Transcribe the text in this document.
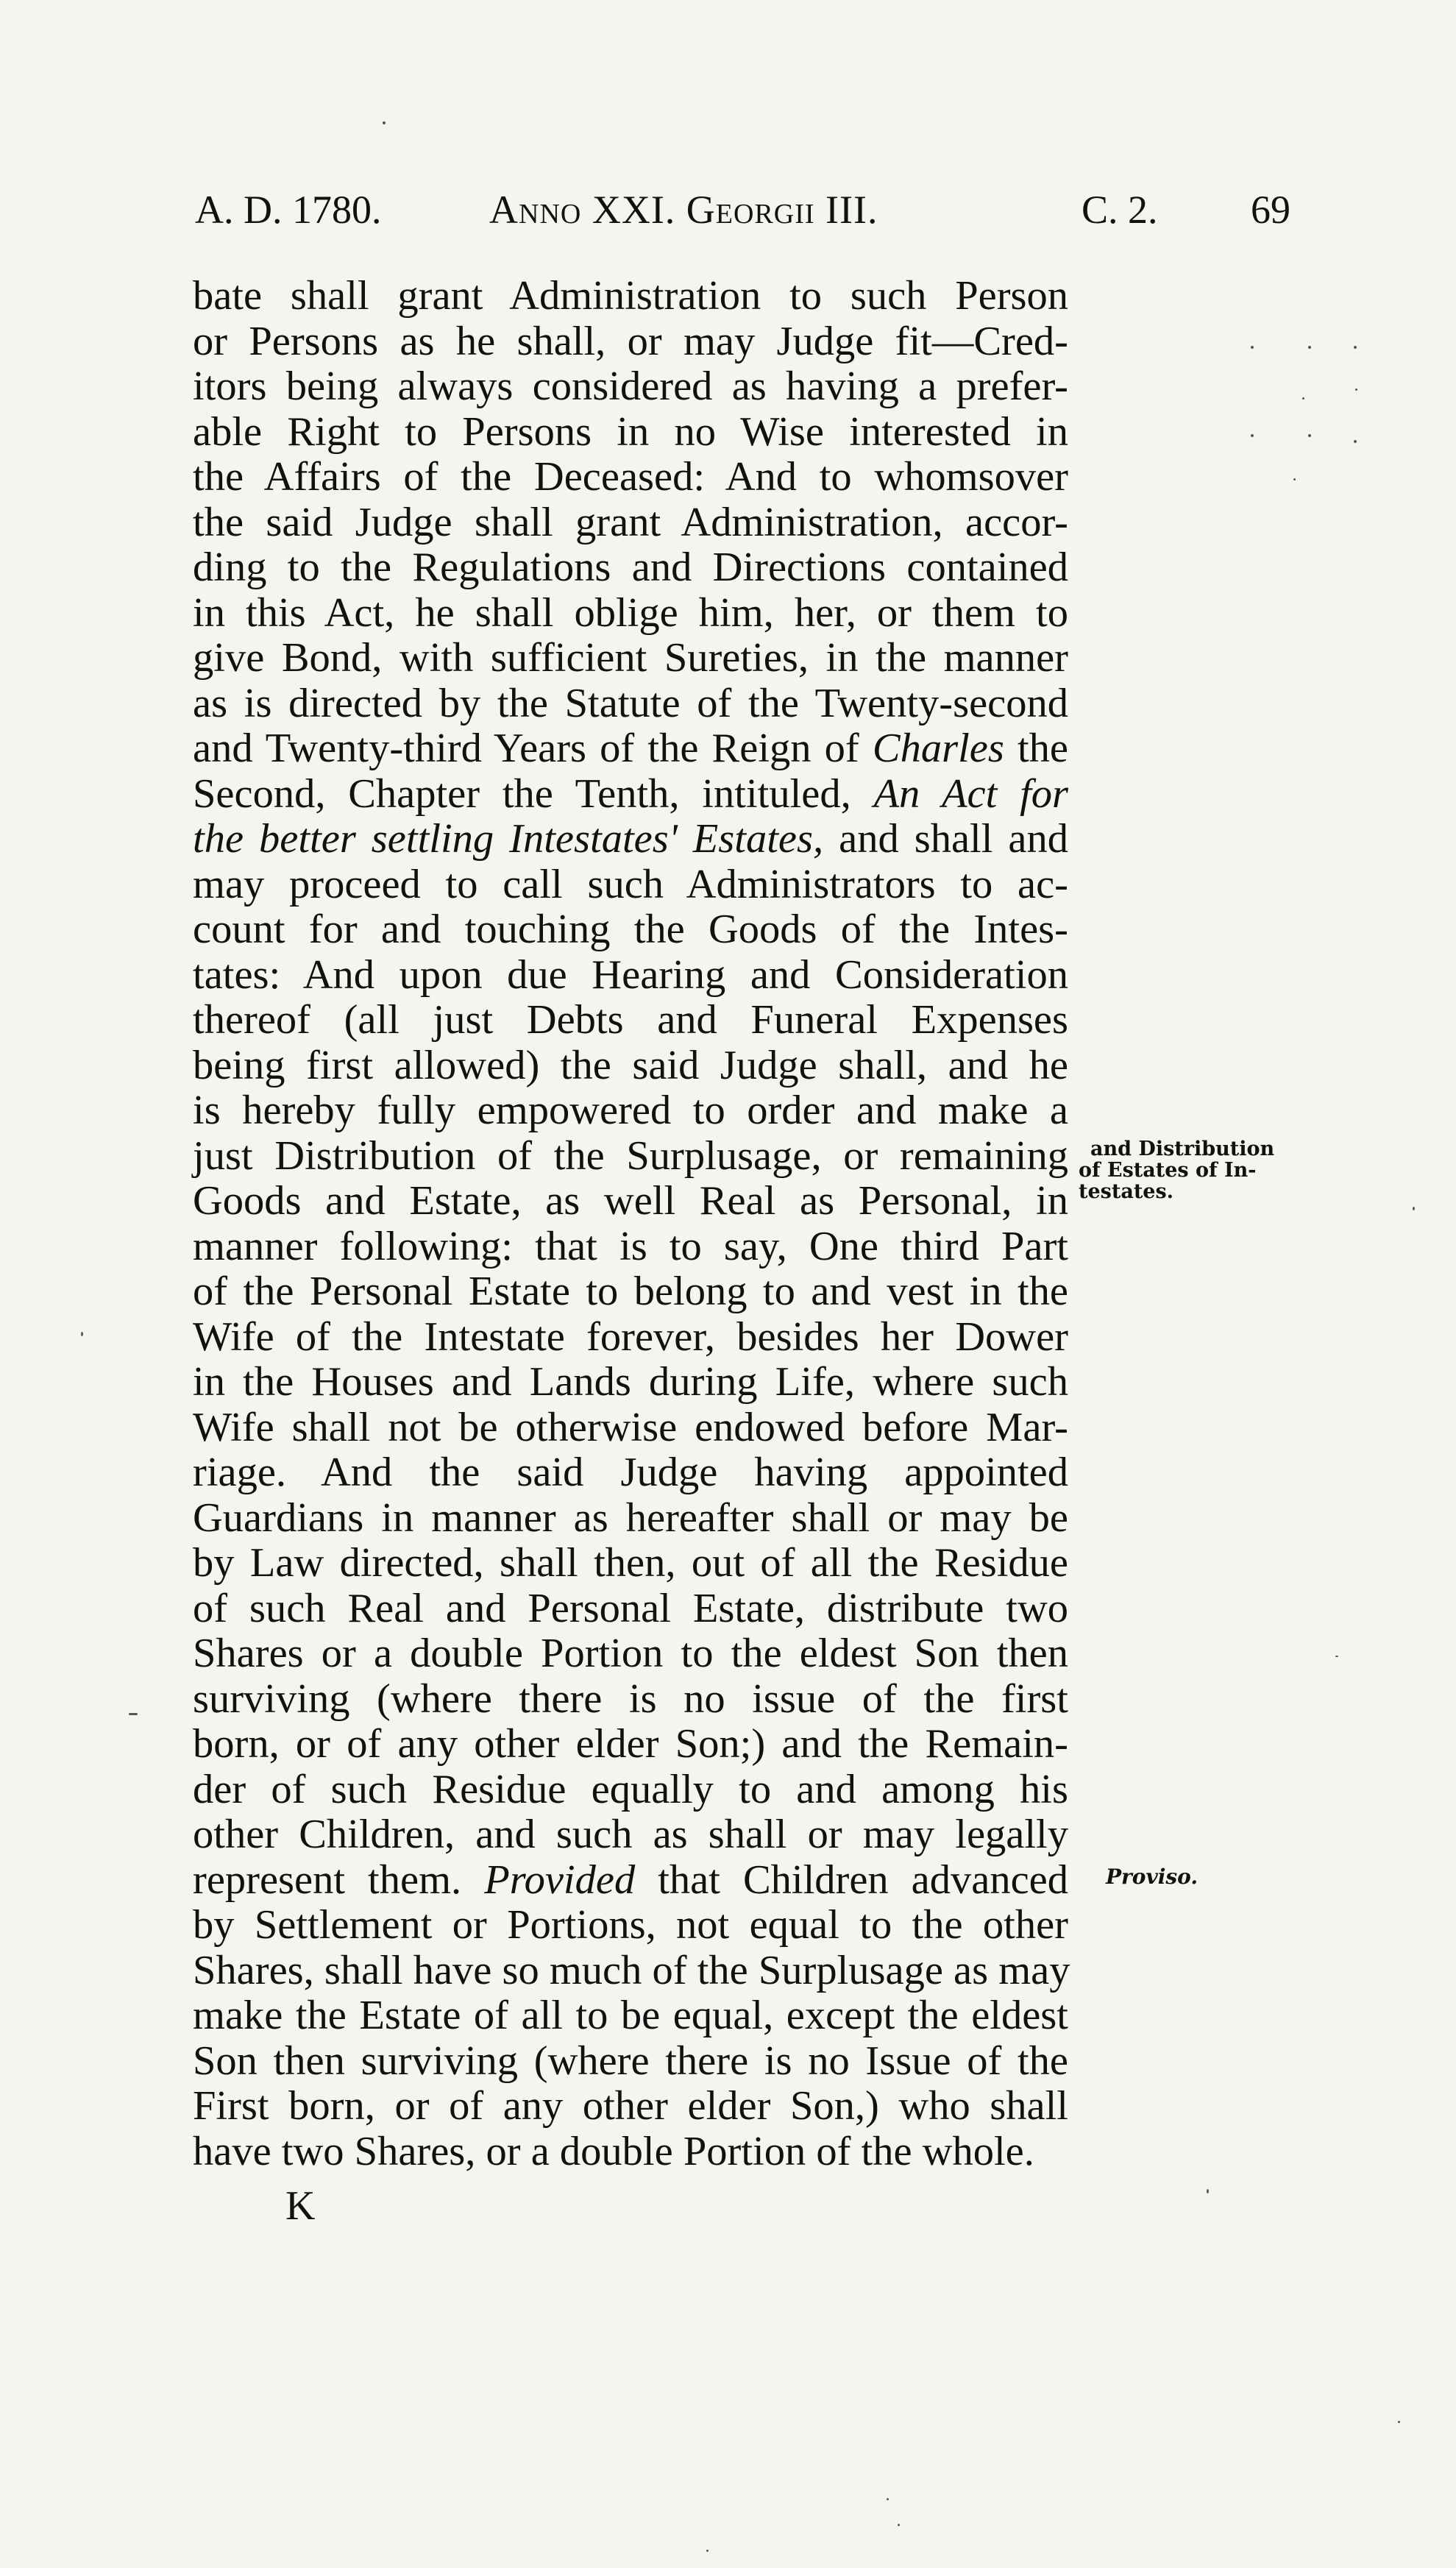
A. D. 1780.	Anno XXI. Georgii III.	C. 2. 69
bate shall grant Administration to such Person
or Persons as he shall, or may Judge fit—Cred-
itors being always considered as having a prefer-
able Right to Persons in no Wise interested in
the Affairs of the Deceased: And to whomsover
the said Judge shall grant Administration, accor-
ding to the Regulations and Directions contained
in this Act, he shall oblige him, her, or them to
give Bond, with sufficient Sureties, in the manner
as is directed by the Statute of the Twenty-second
and Twenty-third Years of the Reign of Charles the
Second, Chapter the Tenth, intituled, An Act for
the better settling Intestates' Estates, and shall and
may proceed to call such Administrators to ac-
count for and touching the Goods of the Intes-
tates: And upon due Hearing and Consideration
thereof (all just Debts and Funeral Expenses
being first allowed) the said Judge shall, and he
is hereby fully empowered to order and make a
just Distribution of the Surplusage, or remaining
Goods and Estate, as well Real as Personal, in
manner following: that is to say, One third Part
of the Personal Estate to belong to and vest in the
Wife of the Intestate forever, besides her Dower
in the Houses and Lands during Life, where such
Wife shall not be otherwise endowed before Mar-
riage. And the said Judge having appointed
Guardians in manner as hereafter shall or may be
by Law directed, shall then, out of all the Residue
of such Real and Personal Estate, distribute two
Shares or a double Portion to the eldest Son then
surviving (where there is no issue of the first
born, or of any other elder Son;) and the Remain-
der of such Residue equally to and among his
other Children, and such as shall or may legally
represent them. Provided that Children advanced
by Settlement or Portions, not equal to the other
Shares, shall have so much of the Surplusage as may
make the Estate of all to be equal, except the eldest
Son then surviving (where there is no Issue of the
First born, or of any other elder Son,) who shall
have two Shares, or a double Portion of the whole.
and Distribution
of Estates of In-
testates.
Proviso.
K
